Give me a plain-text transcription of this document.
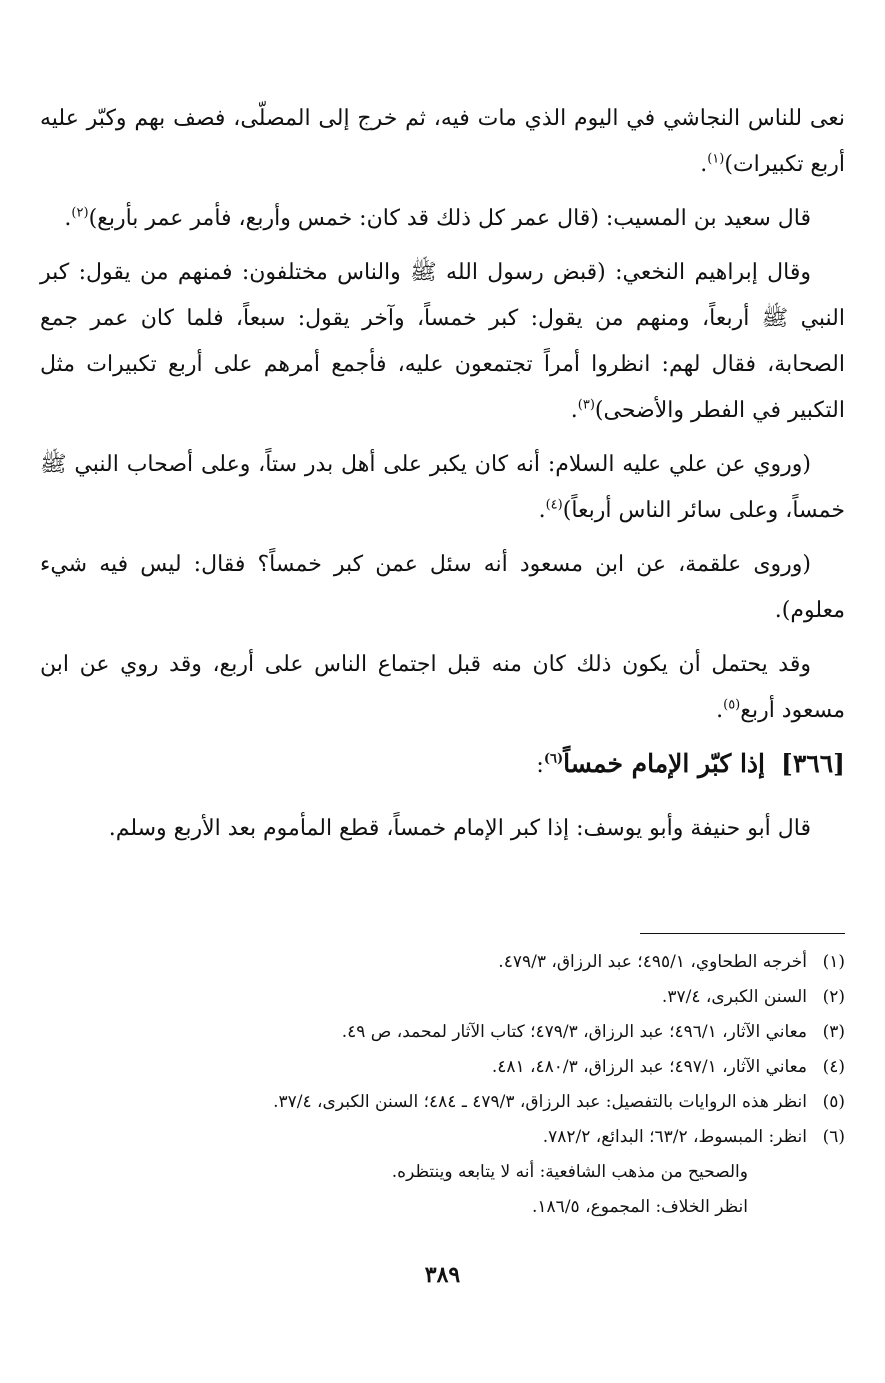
نعى للناس النجاشي في اليوم الذي مات فيه، ثم خرج إلى المصلّى، فصف بهم وكبّر عليه أربع تكبيرات)$^{(١)}$.

قال سعيد بن المسيب: (قال عمر كل ذلك قد كان: خمس وأربع، فأمر عمر بأربع)$^{(٢)}$.

وقال إبراهيم النخعي: (قبض رسول الله ﷺ والناس مختلفون: فمنهم من يقول: كبر النبي ﷺ أربعاً، ومنهم من يقول: كبر خمساً، وآخر يقول: سبعاً، فلما كان عمر جمع الصحابة، فقال لهم: انظروا أمراً تجتمعون عليه، فأجمع أمرهم على أربع تكبيرات مثل التكبير في الفطر والأضحى)$^{(٣)}$.

(وروي عن علي عليه السلام: أنه كان يكبر على أهل بدر ستاً، وعلى أصحاب النبي ﷺ خمساً، وعلى سائر الناس أربعاً)$^{(٤)}$.

(وروى علقمة، عن ابن مسعود أنه سئل عمن كبر خمساً؟ فقال: ليس فيه شيء معلوم).

وقد يحتمل أن يكون ذلك كان منه قبل اجتماع الناس على أربع، وقد روي عن ابن مسعود أربع$^{(٥)}$.

[٣٦٦]إذا كبّر الإمام خمساً$^{(٦)}$:

قال أبو حنيفة وأبو يوسف: إذا كبر الإمام خمساً، قطع المأموم بعد الأربع وسلم.

(١)أخرجه الطحاوي، ٤٩٥/١؛ عبد الرزاق، ٤٧٩/٣.
(٢)السنن الكبرى، ٣٧/٤.
(٣)معاني الآثار، ٤٩٦/١؛ عبد الرزاق، ٤٧٩/٣؛ كتاب الآثار لمحمد، ص ٤٩.
(٤)معاني الآثار، ٤٩٧/١؛ عبد الرزاق، ٤٨٠/٣، ٤٨١.
(٥)انظر هذه الروايات بالتفصيل: عبد الرزاق، ٤٧٩/٣ ـ ٤٨٤؛ السنن الكبرى، ٣٧/٤.
(٦)انظر: المبسوط، ٦٣/٢؛ البدائع، ٧٨٢/٢.
والصحيح من مذهب الشافعية: أنه لا يتابعه وينتظره.
انظر الخلاف: المجموع، ١٨٦/٥.
٣٨٩
